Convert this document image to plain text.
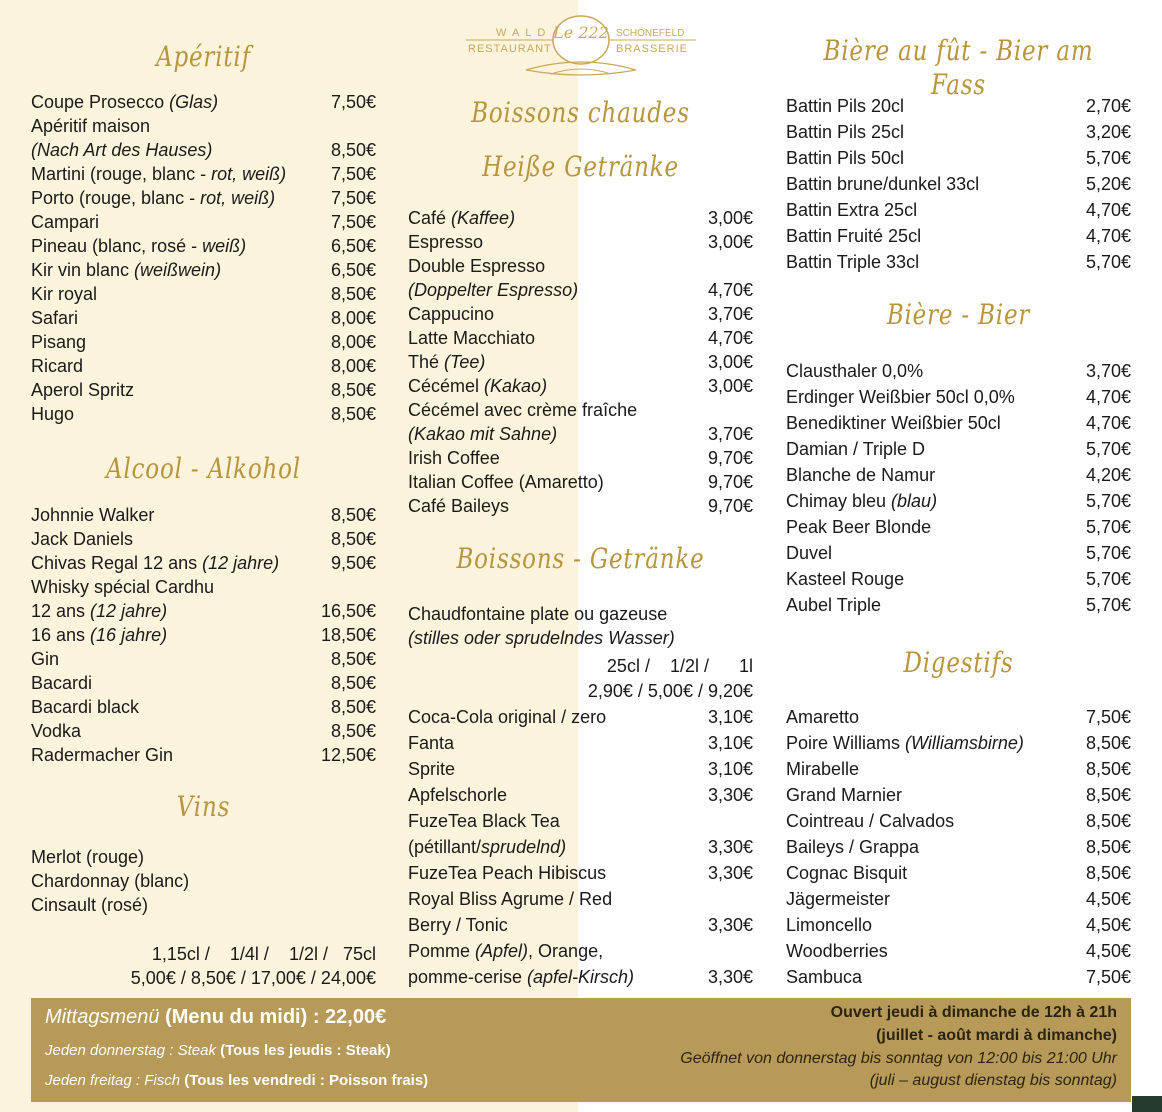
WALD Le 222 SCHÖNEFELD
RESTAURANT	BRASSERIE
Apéritif
Coupe Prosecco (Glas)	7,50€
Apéritif maison
(Nach Art des Hauses)	8,50€
Martini (rouge, blanc - rot, weiß) 7,50€
Porto (rouge, blanc - rot, weiß)	7,50€
Campari	7,50€
Pineau (blanc, rosé - weiß)	6,50€
Kir vin blanc (weißwein)	6,50€
Kir royal	8,50€
Safari	8,00€
Pisang	8,00€
Ricard	8,00€
Aperol Spritz	8,50€
Hugo	8,50€
Alcool - Alkohol
Johnnie Walker	8,50€
Jack Daniels	8,50€
Chivas Regal 12 ans (12 jahre)	9,50€
Whisky spécial Cardhu
12 ans (12 jahre)	16,50€
16 ans (16 jahre)	18,50€
Gin	8,50€
Bacardi	8,50€
Bacardi black	8,50€
Vodka	8,50€
Radermacher Gin	12,50€
Vins
Merlot (rouge)
Chardonnay (blanc)
Cinsault (rosé)
1,15cl /    1/4l /    1/2l /   75cl
5,00€ / 8,50€ / 17,00€ / 24,00€
Boissons chaudes
Heiße Getränke
Café (Kaffee)	3,00€
Espresso	3,00€
Double Espresso
(Doppelter Espresso)	4,70€
Cappucino	3,70€
Latte Macchiato	4,70€
Thé (Tee)	3,00€
Cécémel (Kakao)	3,00€
Cécémel avec crème fraîche
(Kakao mit Sahne)	3,70€
Irish Coffee	9,70€
Italian Coffee (Amaretto)	9,70€
Café Baileys	9,70€
Boissons - Getränke
Chaudfontaine plate ou gazeuse
(stilles oder sprudelndes Wasser)
25cl /    1/2l /      1l
2,90€ / 5,00€ / 9,20€
Coca-Cola original / zero	3,10€
Fanta	3,10€
Sprite	3,10€
Apfelschorle	3,30€
FuzeTea Black Tea
(pétillant/sprudelnd)	3,30€
FuzeTea Peach Hibiscus	3,30€
Royal Bliss Agrume / Red
Berry / Tonic	3,30€
Pomme (Apfel), Orange,
pomme-cerise (apfel-Kirsch)	3,30€
Bière au fût - Bier am Fass
Battin Pils 20cl	2,70€
Battin Pils 25cl	3,20€
Battin Pils 50cl	5,70€
Battin brune/dunkel 33cl	5,20€
Battin Extra 25cl	4,70€
Battin Fruité 25cl	4,70€
Battin Triple 33cl	5,70€
Bière - Bier
Clausthaler 0,0%	3,70€
Erdinger Weißbier 50cl 0,0%	4,70€
Benediktiner Weißbier 50cl	4,70€
Damian / Triple D	5,70€
Blanche de Namur	4,20€
Chimay bleu (blau)	5,70€
Peak Beer Blonde	5,70€
Duvel	5,70€
Kasteel Rouge	5,70€
Aubel Triple	5,70€
Digestifs
Amaretto	7,50€
Poire Williams (Williamsbirne)	8,50€
Mirabelle	8,50€
Grand Marnier	8,50€
Cointreau / Calvados	8,50€
Baileys / Grappa	8,50€
Cognac Bisquit	8,50€
Jägermeister	4,50€
Limoncello	4,50€
Woodberries	4,50€
Sambuca	7,50€
Mittagsmenü (Menu du midi) : 22,00€
Jeden donnerstag : Steak (Tous les jeudis : Steak)
Jeden freitag : Fisch (Tous les vendredi : Poisson frais)
Ouvert jeudi à dimanche de 12h à 21h
(juillet - août mardi à dimanche)
Geöffnet von donnerstag bis sonntag von 12:00 bis 21:00 Uhr
(juli – august dienstag bis sonntag)
